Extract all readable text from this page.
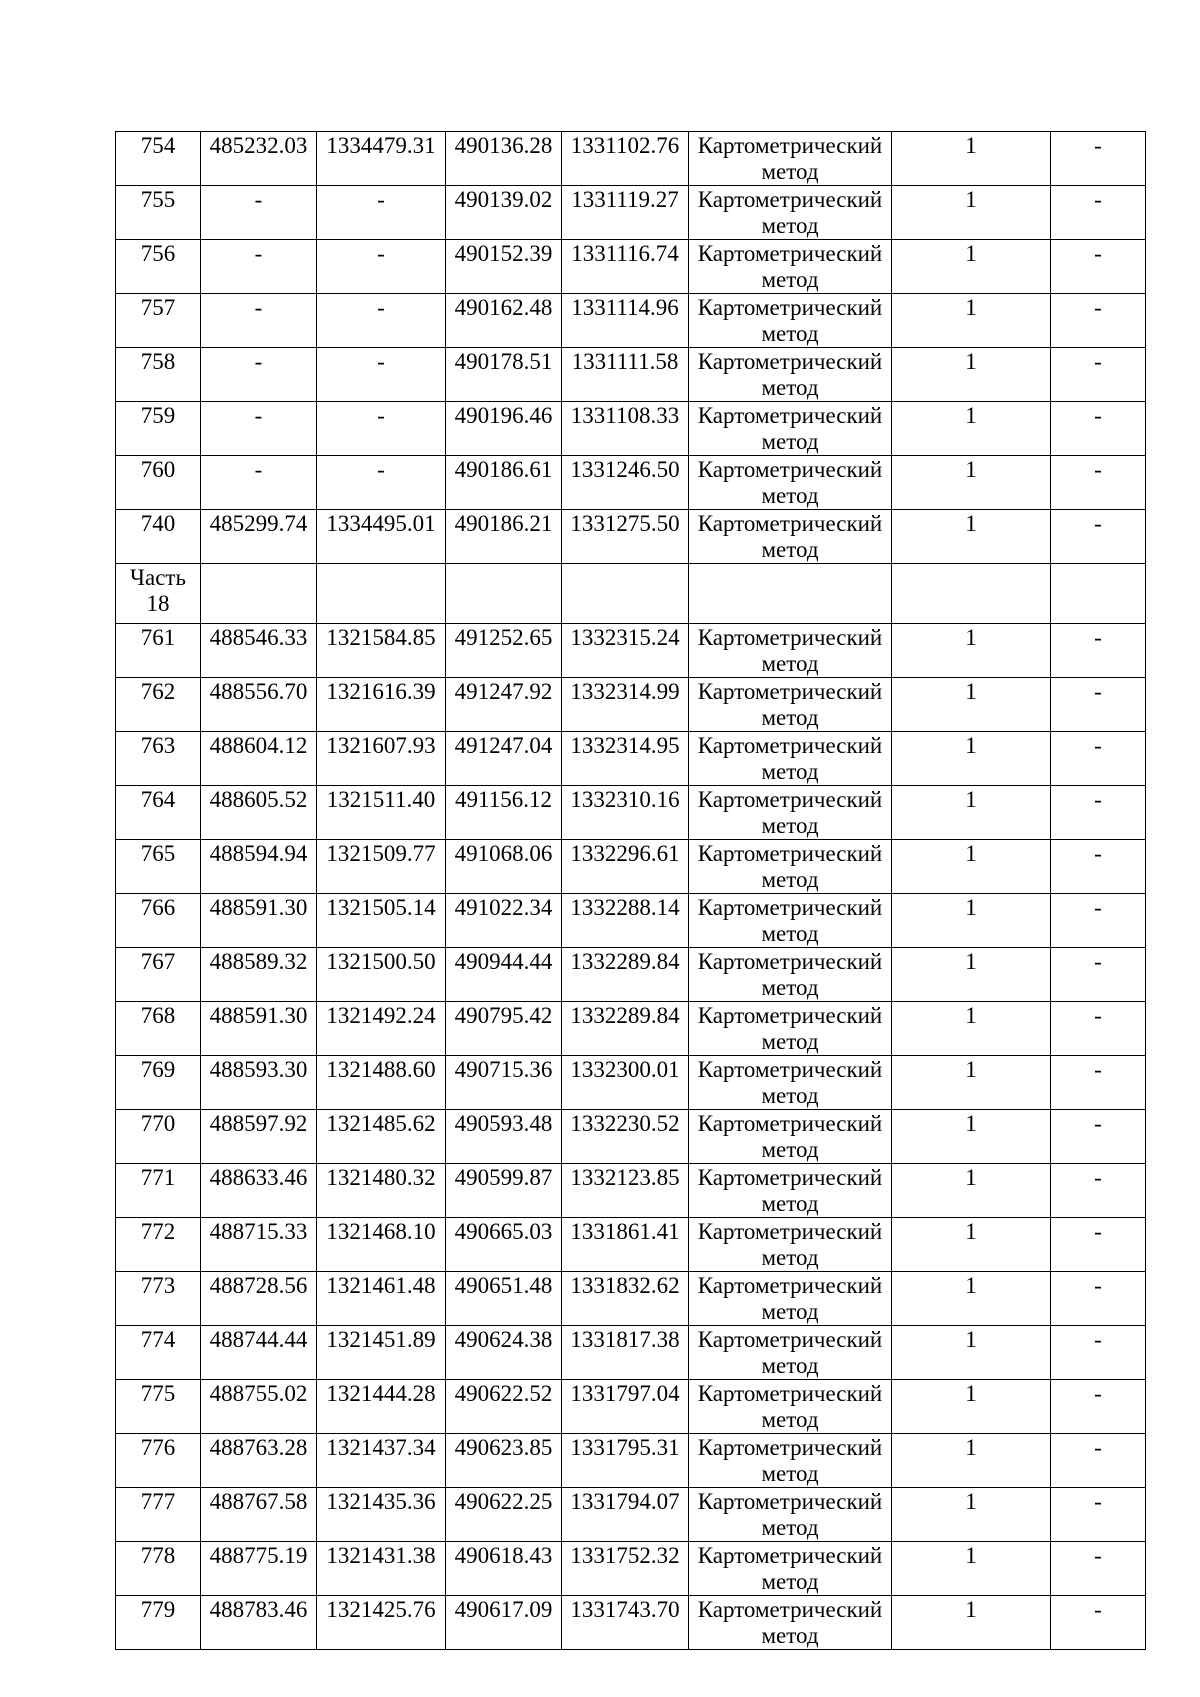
754	485232.03	1334479.31	490136.28	1331102.76	Картометрический метод	1	-
755	-	-	490139.02	1331119.27	Картометрический метод	1	-
756	-	-	490152.39	1331116.74	Картометрический метод	1	-
757	-	-	490162.48	1331114.96	Картометрический метод	1	-
758	-	-	490178.51	1331111.58	Картометрический метод	1	-
759	-	-	490196.46	1331108.33	Картометрический метод	1	-
760	-	-	490186.61	1331246.50	Картометрический метод	1	-
740	485299.74	1334495.01	490186.21	1331275.50	Картометрический метод	1	-
Часть 18							
761	488546.33	1321584.85	491252.65	1332315.24	Картометрический метод	1	-
762	488556.70	1321616.39	491247.92	1332314.99	Картометрический метод	1	-
763	488604.12	1321607.93	491247.04	1332314.95	Картометрический метод	1	-
764	488605.52	1321511.40	491156.12	1332310.16	Картометрический метод	1	-
765	488594.94	1321509.77	491068.06	1332296.61	Картометрический метод	1	-
766	488591.30	1321505.14	491022.34	1332288.14	Картометрический метод	1	-
767	488589.32	1321500.50	490944.44	1332289.84	Картометрический метод	1	-
768	488591.30	1321492.24	490795.42	1332289.84	Картометрический метод	1	-
769	488593.30	1321488.60	490715.36	1332300.01	Картометрический метод	1	-
770	488597.92	1321485.62	490593.48	1332230.52	Картометрический метод	1	-
771	488633.46	1321480.32	490599.87	1332123.85	Картометрический метод	1	-
772	488715.33	1321468.10	490665.03	1331861.41	Картометрический метод	1	-
773	488728.56	1321461.48	490651.48	1331832.62	Картометрический метод	1	-
774	488744.44	1321451.89	490624.38	1331817.38	Картометрический метод	1	-
775	488755.02	1321444.28	490622.52	1331797.04	Картометрический метод	1	-
776	488763.28	1321437.34	490623.85	1331795.31	Картометрический метод	1	-
777	488767.58	1321435.36	490622.25	1331794.07	Картометрический метод	1	-
778	488775.19	1321431.38	490618.43	1331752.32	Картометрический метод	1	-
779	488783.46	1321425.76	490617.09	1331743.70	Картометрический метод	1	-
